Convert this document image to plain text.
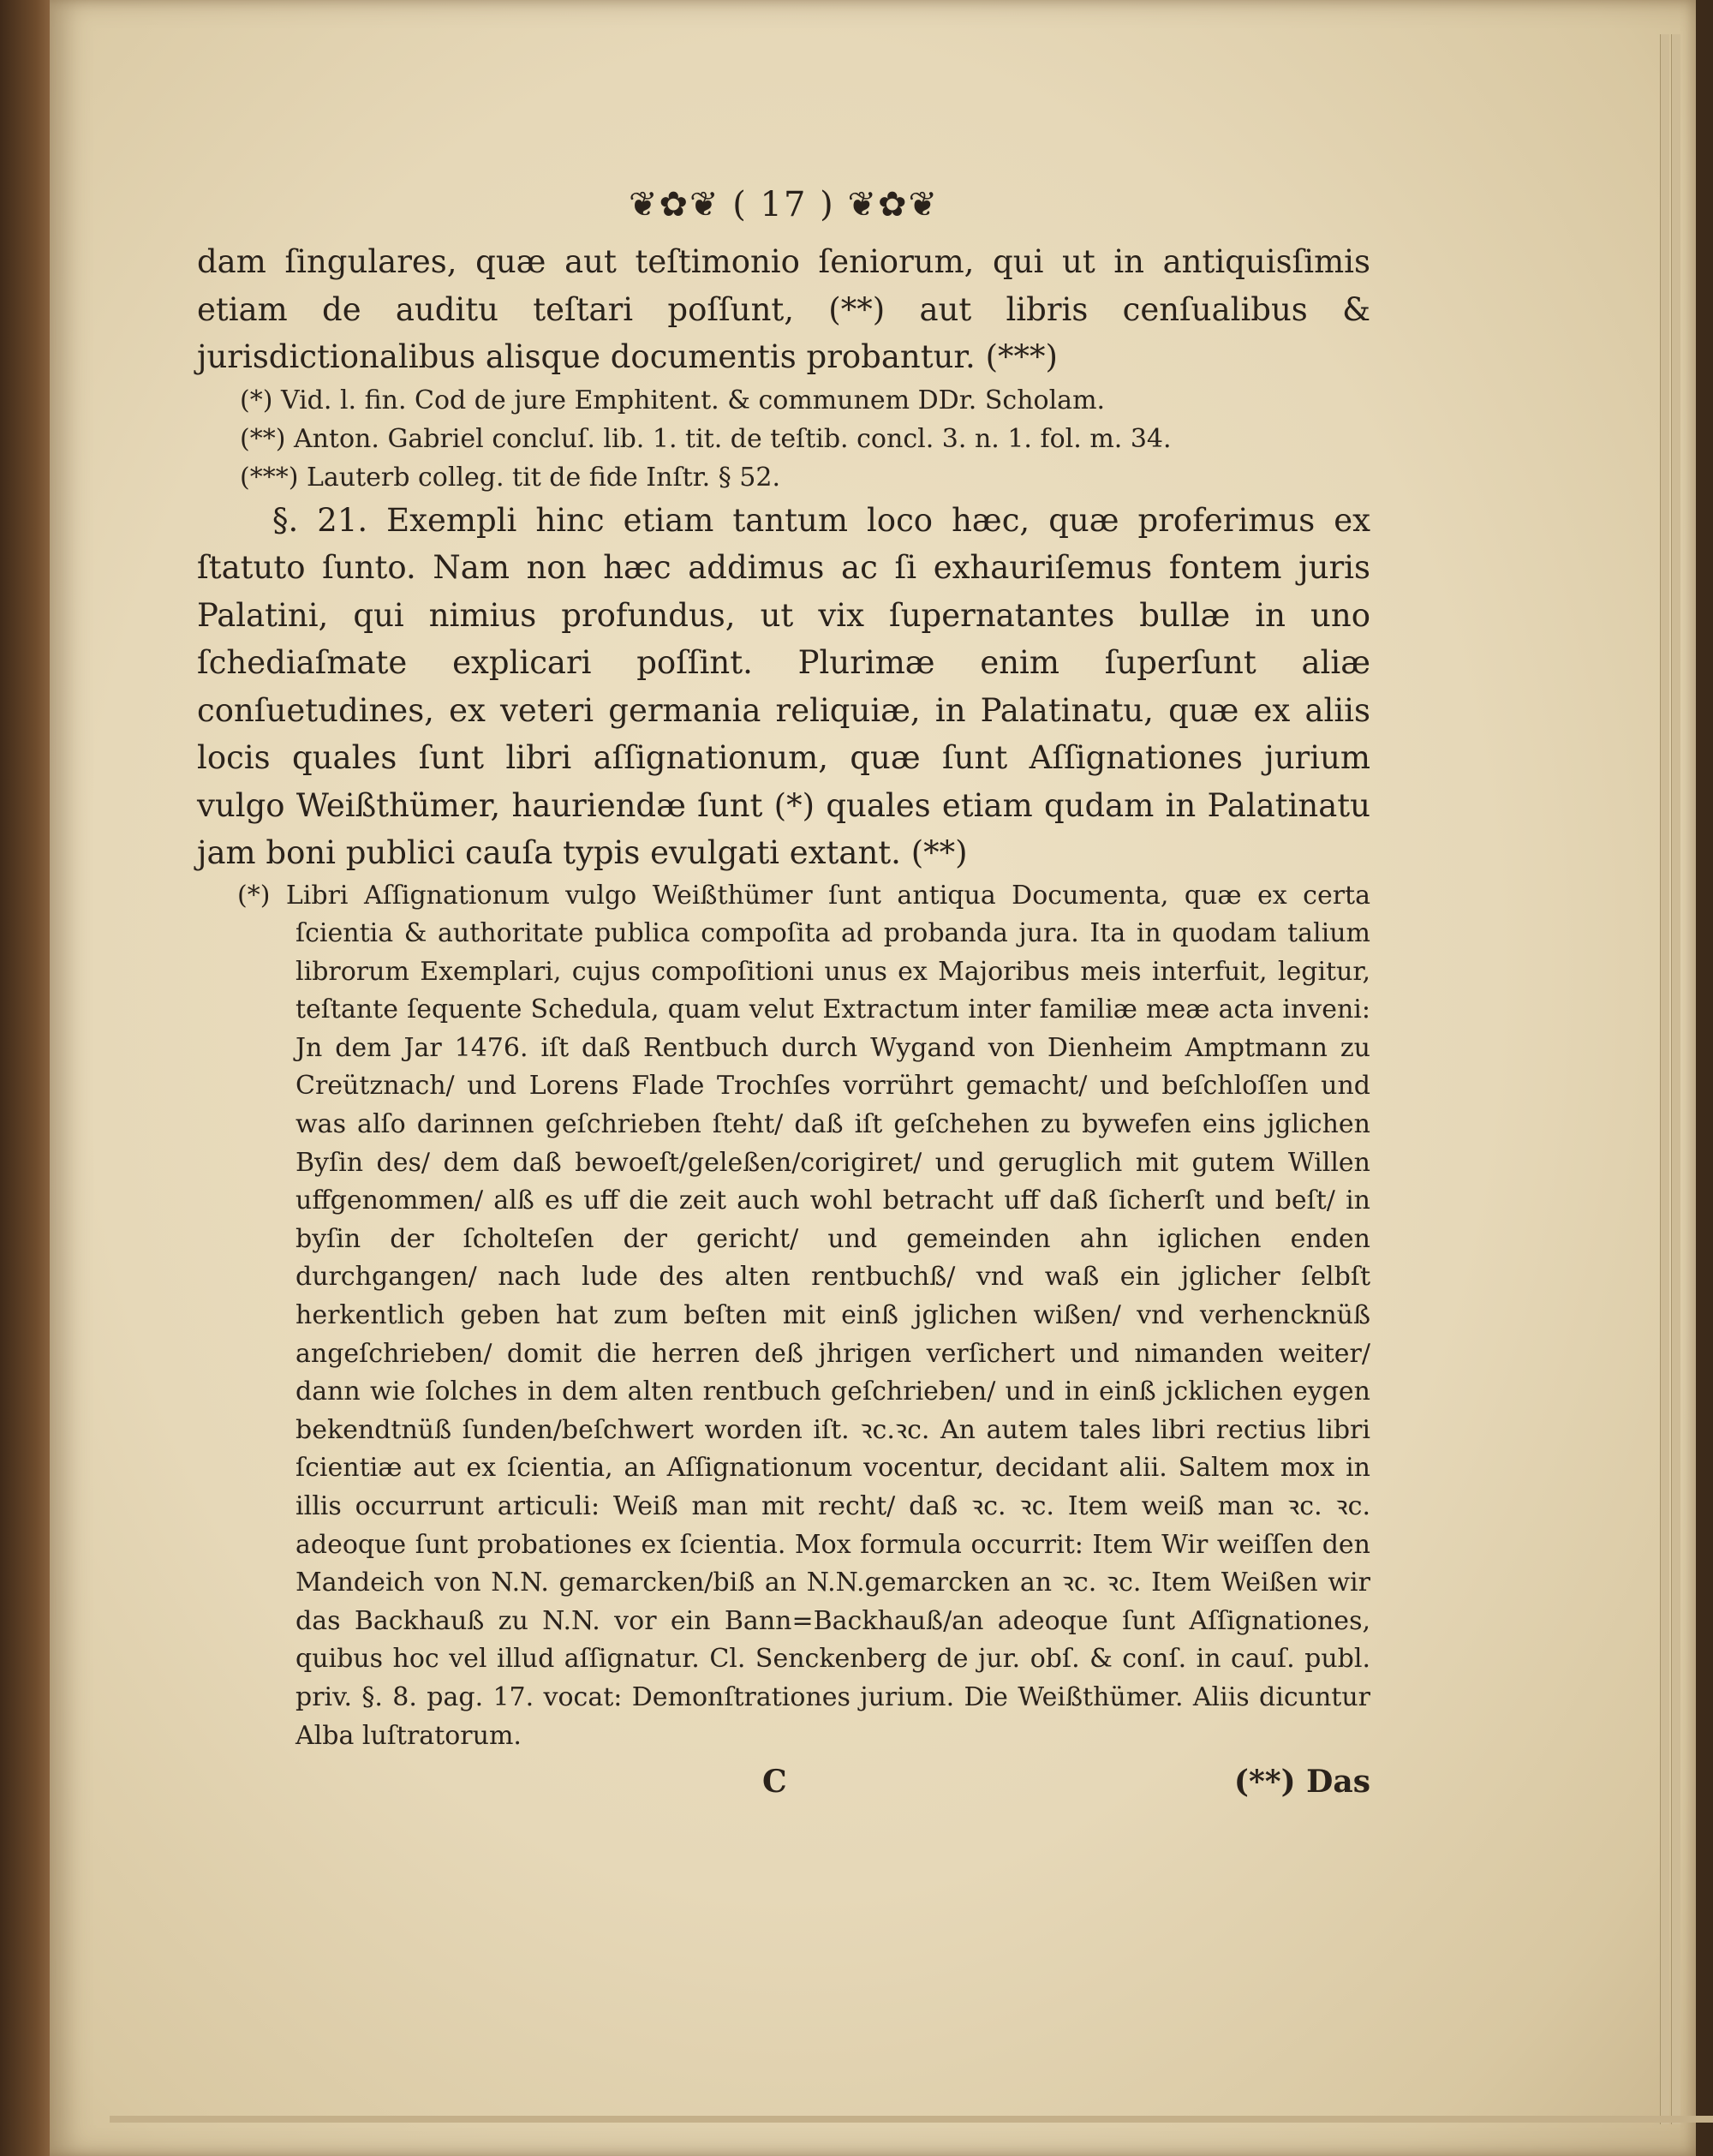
❦✿❦ ( 17 ) ❦✿❦

dam ſingulares, quæ aut teſtimonio ſeniorum, qui ut in antiquisſimis etiam de auditu teſtari poſſunt, (**) aut libris cenſualibus & jurisdictionalibus alisque documentis probantur. (***)

(*) Vid. l. fin. Cod de jure Emphitent. & communem DDr. Scholam.

(**) Anton. Gabriel concluſ. lib. 1. tit. de teſtib. concl. 3. n. 1. fol. m. 34.

(***) Lauterb colleg. tit de fide Inſtr. § 52.

§. 21. Exempli hinc etiam tantum loco hæc, quæ proferimus ex ſtatuto ſunto. Nam non hæc addimus ac ſi exhauriſemus fontem juris Palatini, qui nimius profundus, ut vix ſupernatantes bullæ in uno ſchediaſmate explicari poſſint. Plurimæ enim ſuperſunt aliæ conſuetudines, ex veteri germania reliquiæ, in Palatinatu, quæ ex aliis locis quales ſunt libri aſſignationum, quæ ſunt Aſſignationes jurium vulgo Weißthümer, hauriendæ ſunt (*) quales etiam qudam in Palatinatu jam boni publici cauſa typis evulgati extant. (**)

(*) Libri Aſſignationum vulgo Weißthümer ſunt antiqua Documenta, quæ ex certa ſcientia & authoritate publica compoſita ad probanda jura. Ita in quodam talium librorum Exemplari, cujus compoſitioni unus ex Majoribus meis interfuit, legitur, teſtante ſequente Schedula, quam velut Extractum inter familiæ meæ acta inveni: Jn dem Jar 1476. iſt daß Rentbuch durch Wygand von Dienheim Amptmann zu Creütznach/ und Lorens Flade Trochſes vorrührt gemacht/ und beſchloſſen und was alſo darinnen geſchrieben ſteht/ daß iſt geſchehen zu bywefen eins jglichen Byſin des/ dem daß bewoeſt/geleßen/corigiret/ und geruglich mit gutem Willen uffgenommen/ alß es uff die zeit auch wohl betracht uff daß ſicherſt und beſt/ in byſin der ſcholteſen der gericht/ und gemeinden ahn iglichen enden durchgangen/ nach lude des alten rentbuchß/ vnd waß ein jglicher ſelbſt herkentlich geben hat zum beſten mit einß jglichen wißen/ vnd verhencknüß angeſchrieben/ domit die herren deß jhrigen verſichert und nimanden weiter/ dann wie ſolches in dem alten rentbuch geſchrieben/ und in einß jcklichen eygen bekendtnüß ſunden/beſchwert worden iſt. ꝛc.ꝛc. An autem tales libri rectius libri ſcientiæ aut ex ſcientia, an Aſſignationum vocentur, decidant alii. Saltem mox in illis occurrunt articuli: Weiß man mit recht/ daß ꝛc. ꝛc. Item weiß man ꝛc. ꝛc. adeoque ſunt probationes ex ſcientia. Mox formula occurrit: Item Wir weiſſen den Mandeich von N.N. gemarcken/biß an N.N.gemarcken an ꝛc. ꝛc. Item Weißen wir das Backhauß zu N.N. vor ein Bann=Backhauß/an adeoque ſunt Aſſignationes, quibus hoc vel illud aſſignatur. Cl. Senckenberg de jur. obſ. & conſ. in cauſ. publ. priv. §. 8. pag. 17. vocat: Demonſtrationes jurium. Die Weißthümer. Aliis dicuntur Alba luſtratorum.

C	(**) Das
